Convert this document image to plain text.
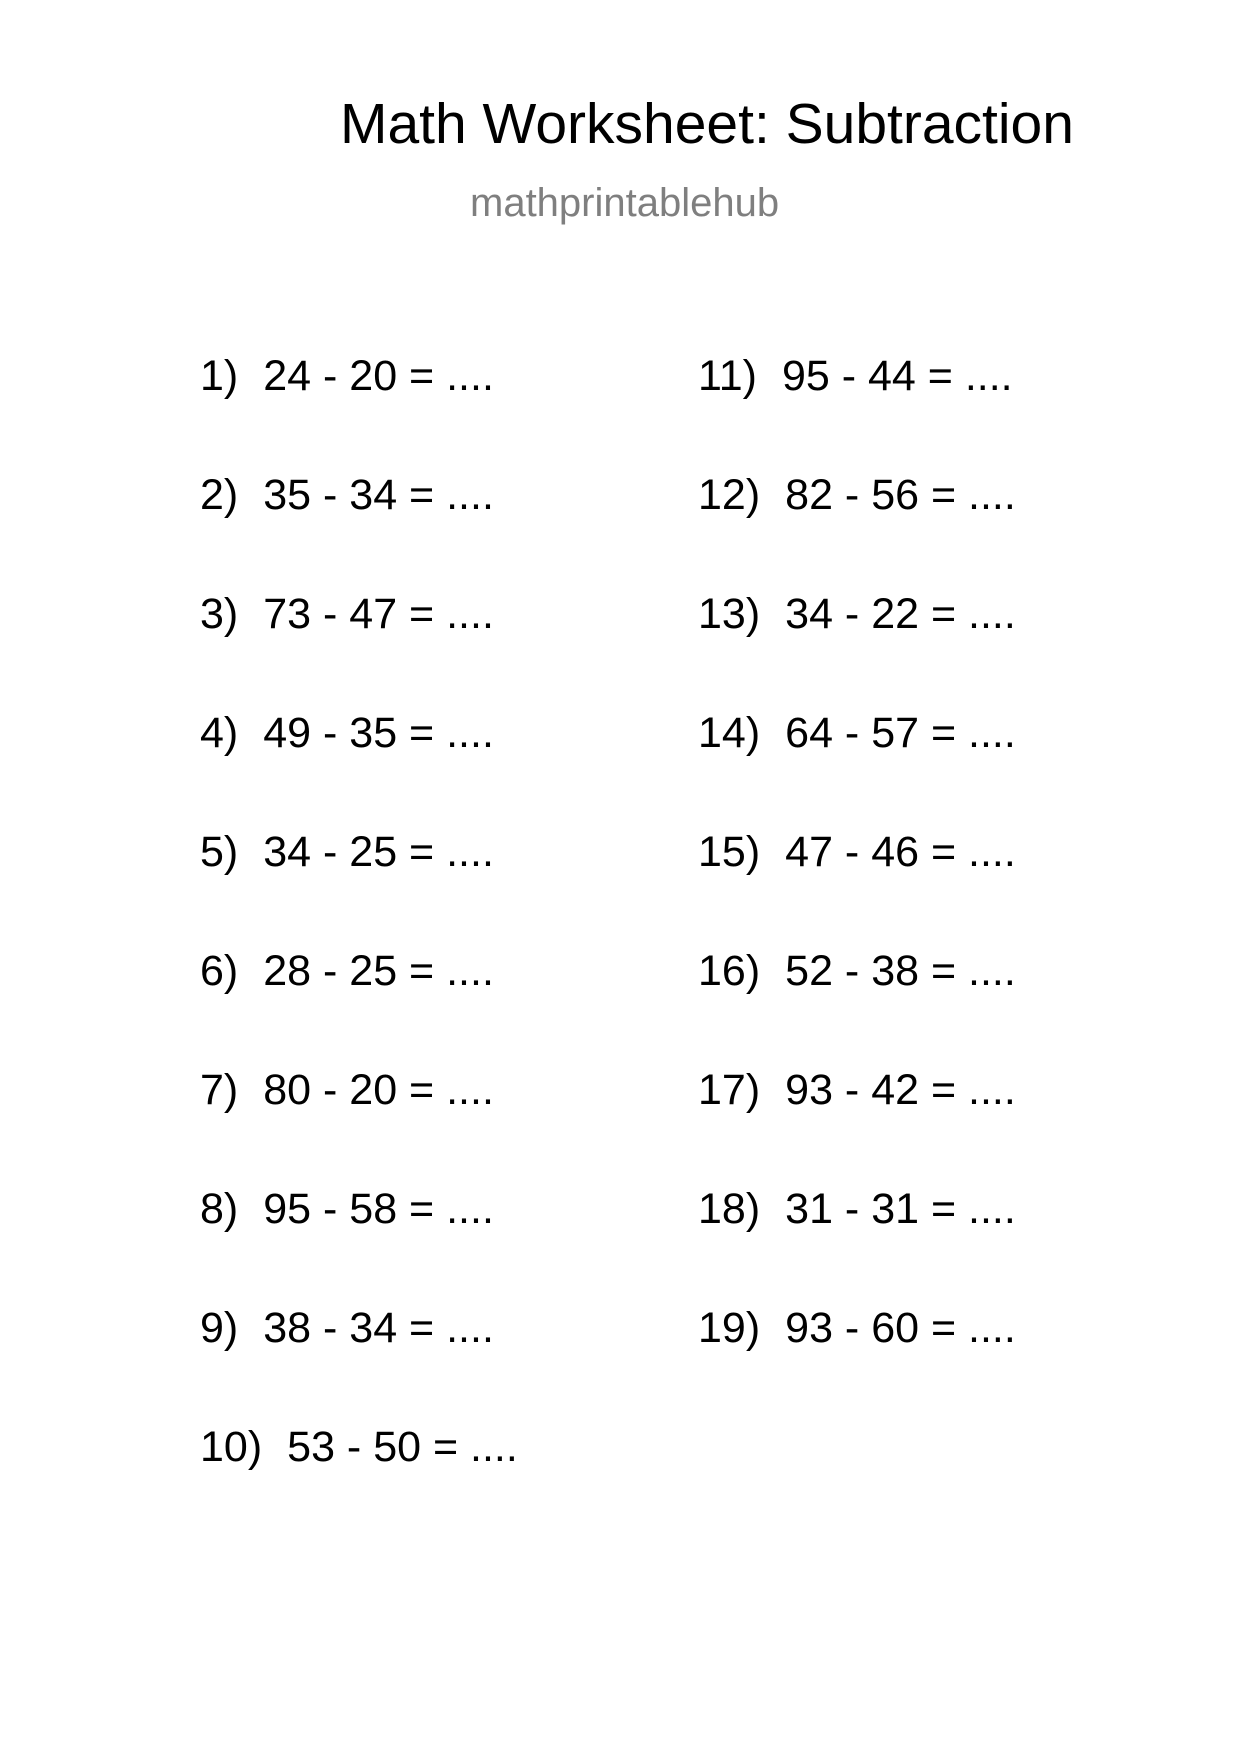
Math Worksheet: Subtraction
mathprintablehub
1) 24 - 20 = ....
2) 35 - 34 = ....
3) 73 - 47 = ....
4) 49 - 35 = ....
5) 34 - 25 = ....
6) 28 - 25 = ....
7) 80 - 20 = ....
8) 95 - 58 = ....
9) 38 - 34 = ....
10) 53 - 50 = ....
11) 95 - 44 = ....
12) 82 - 56 = ....
13) 34 - 22 = ....
14) 64 - 57 = ....
15) 47 - 46 = ....
16) 52 - 38 = ....
17) 93 - 42 = ....
18) 31 - 31 = ....
19) 93 - 60 = ....
